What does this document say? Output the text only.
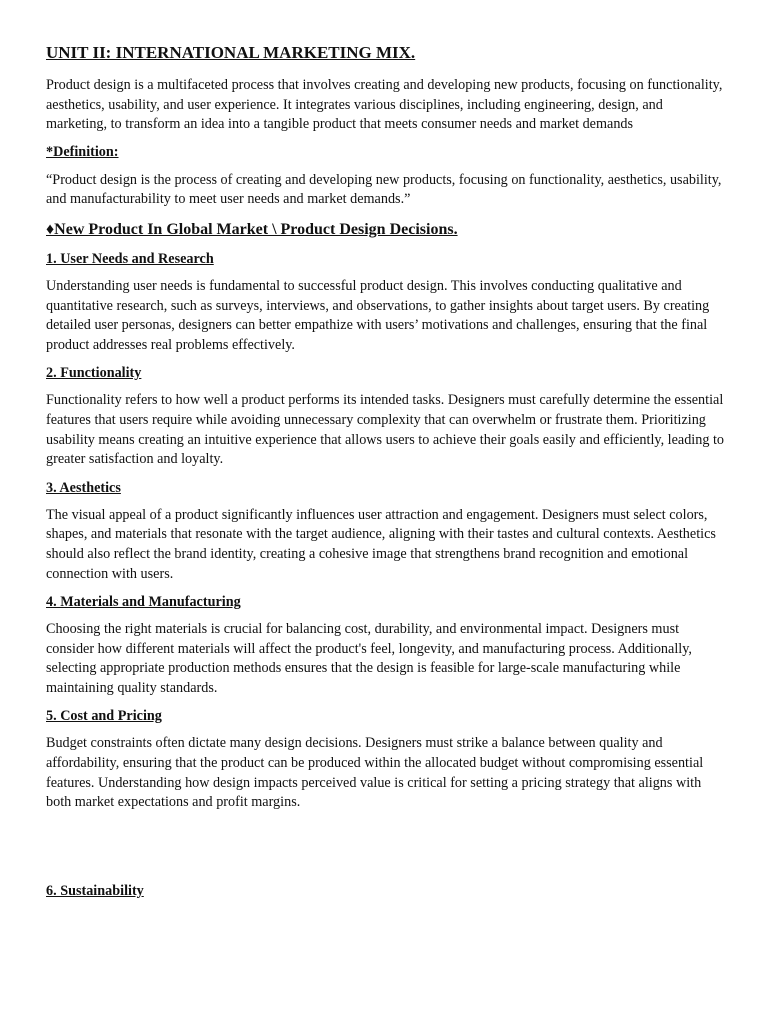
UNIT II: INTERNATIONAL MARKETING MIX.

Product design is a multifaceted process that involves creating and developing new products, focusing on functionality, aesthetics, usability, and user experience. It integrates various disciplines, including engineering, design, and marketing, to transform an idea into a tangible product that meets consumer needs and market demands

*Definition:

“Product design is the process of creating and developing new products, focusing on functionality, aesthetics, usability, and manufacturability to meet user needs and market demands.”

♦New Product In Global Market \ Product Design Decisions.
1. User Needs and Research

Understanding user needs is fundamental to successful product design. This involves conducting qualitative and quantitative research, such as surveys, interviews, and observations, to gather insights about target users. By creating detailed user personas, designers can better empathize with users’ motivations and challenges, ensuring that the final product addresses real problems effectively.

2. Functionality

Functionality refers to how well a product performs its intended tasks. Designers must carefully determine the essential features that users require while avoiding unnecessary complexity that can overwhelm or frustrate them. Prioritizing usability means creating an intuitive experience that allows users to achieve their goals easily and efficiently, leading to greater satisfaction and loyalty.

3. Aesthetics

The visual appeal of a product significantly influences user attraction and engagement. Designers must select colors, shapes, and materials that resonate with the target audience, aligning with their tastes and cultural contexts. Aesthetics should also reflect the brand identity, creating a cohesive image that strengthens brand recognition and emotional connection with users.

4. Materials and Manufacturing

Choosing the right materials is crucial for balancing cost, durability, and environmental impact. Designers must consider how different materials will affect the product's feel, longevity, and manufacturing process. Additionally, selecting appropriate production methods ensures that the design is feasible for large-scale manufacturing while maintaining quality standards.

5. Cost and Pricing

Budget constraints often dictate many design decisions. Designers must strike a balance between quality and affordability, ensuring that the product can be produced within the allocated budget without compromising essential features. Understanding how design impacts perceived value is critical for setting a pricing strategy that aligns with both market expectations and profit margins.

6. Sustainability
